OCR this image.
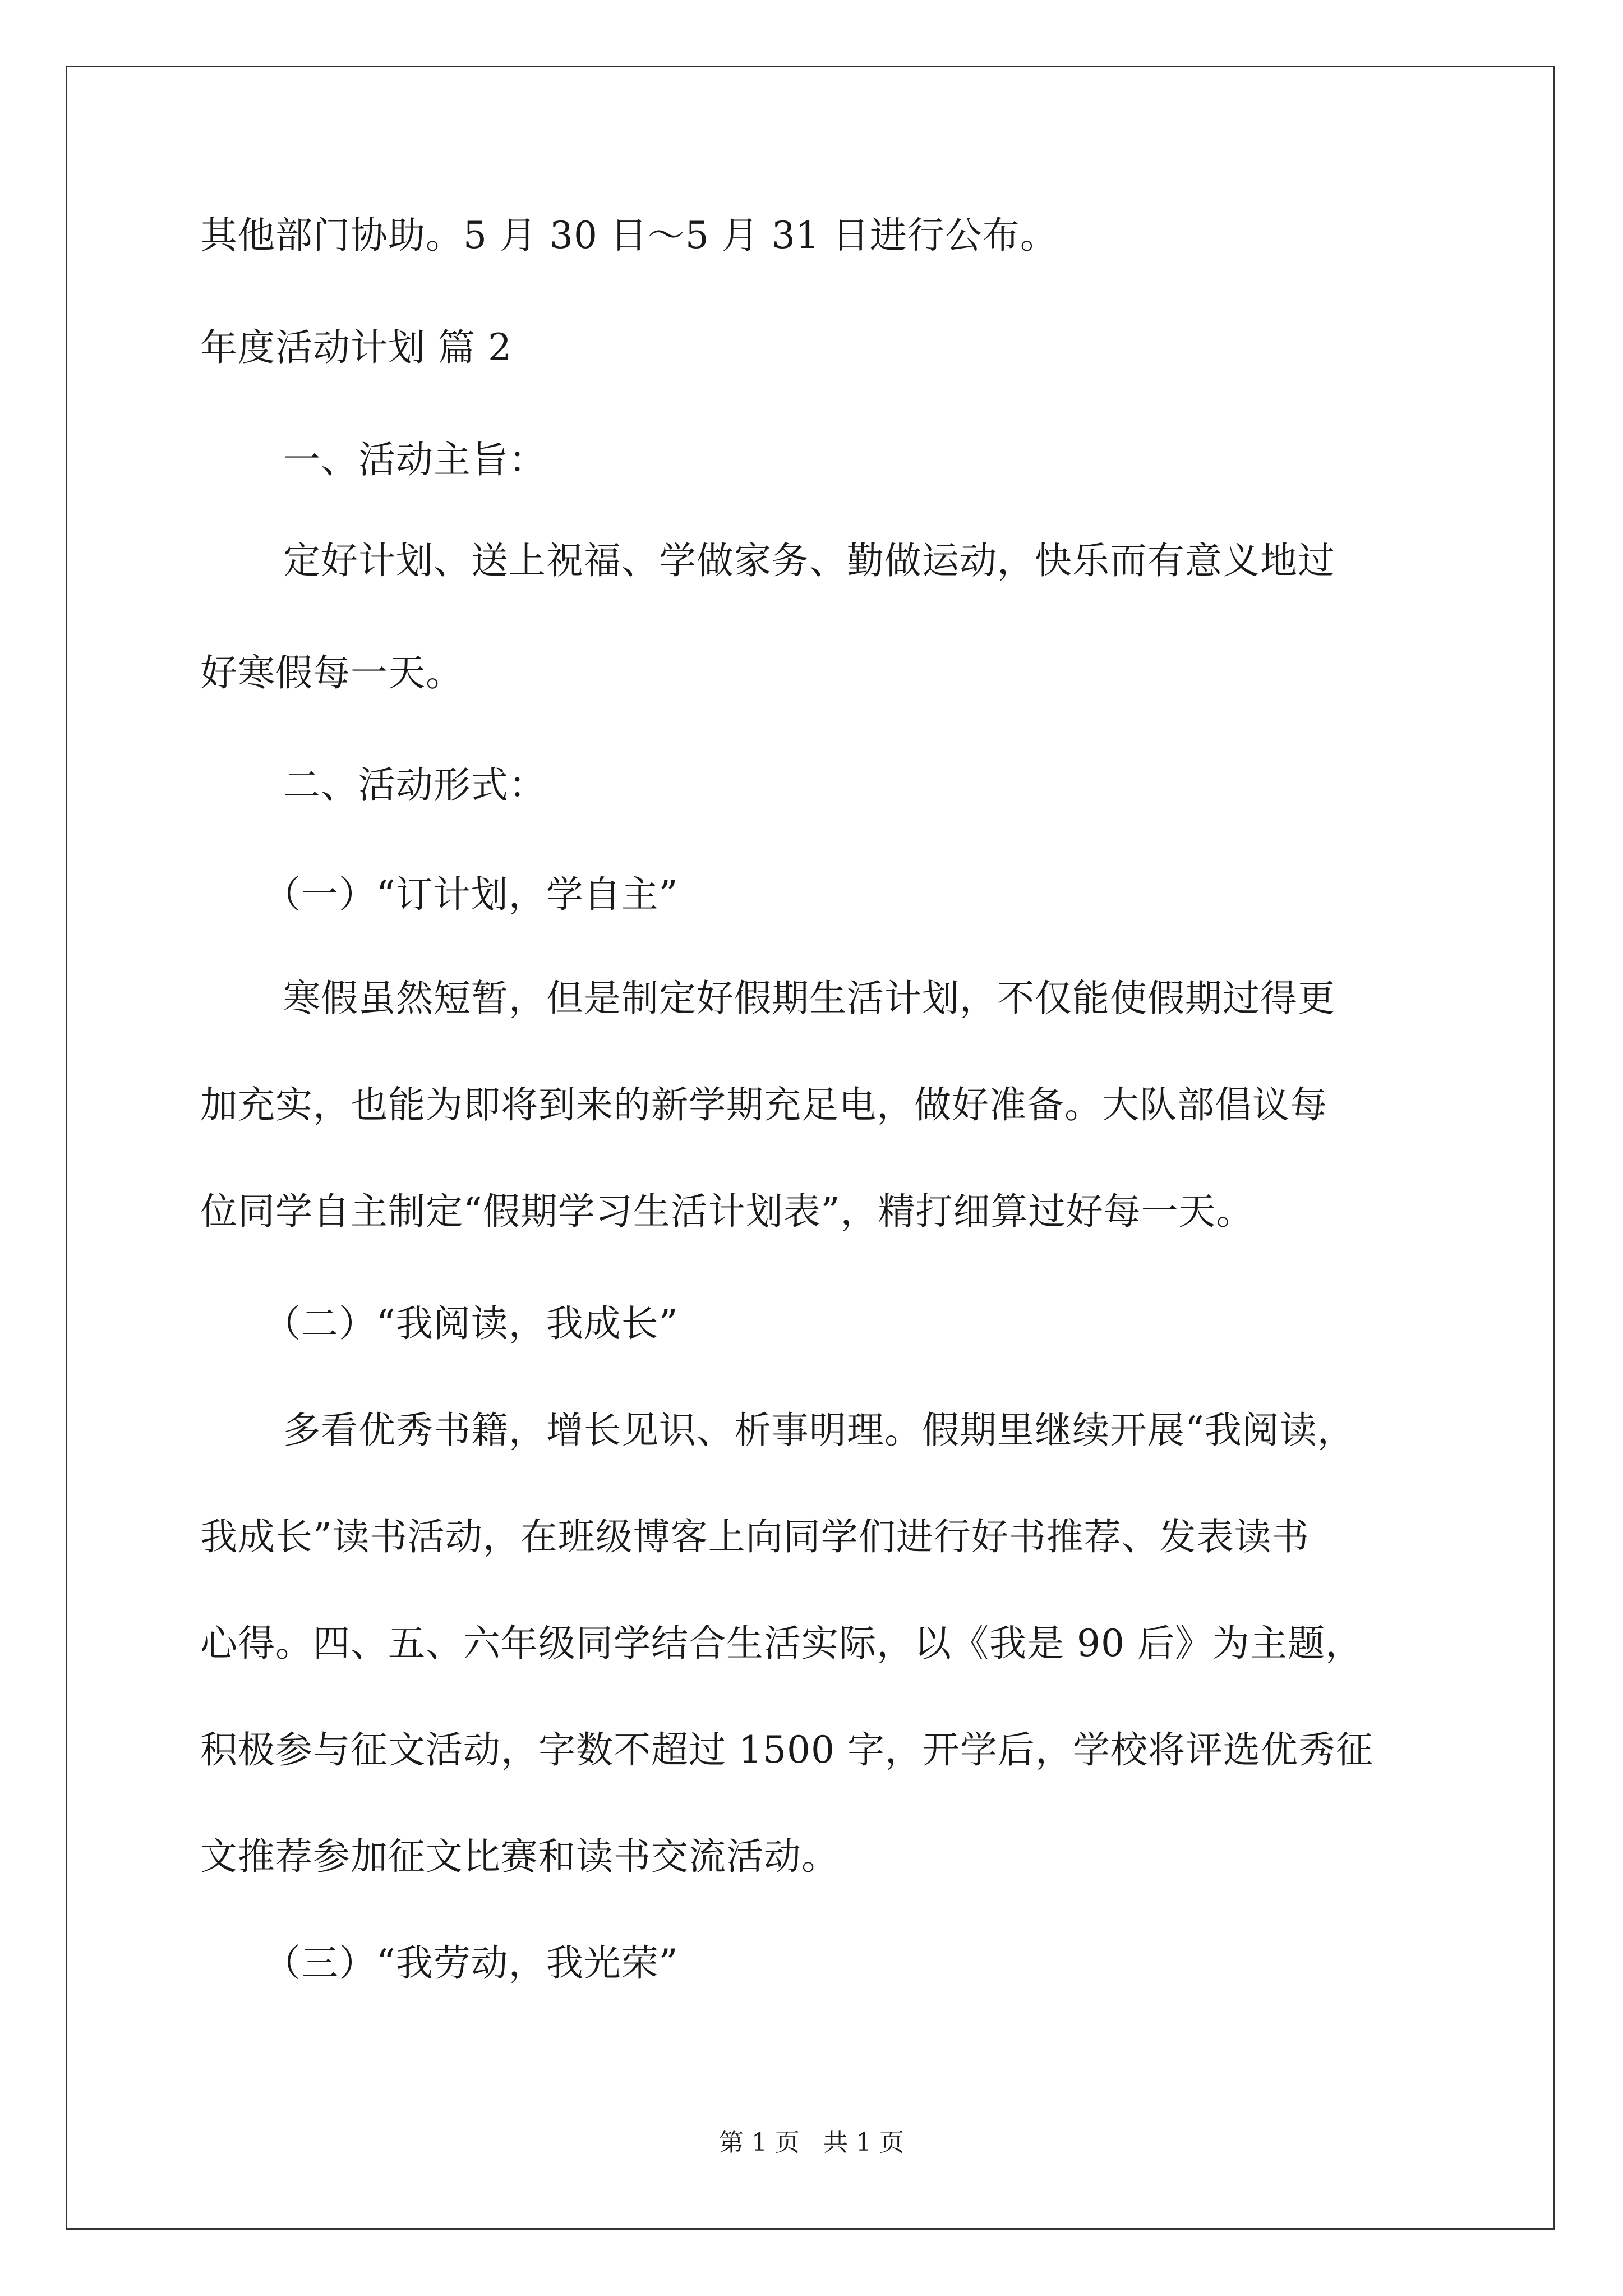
其他部门协助。5 月 30 日～5 月 31 日进行公布。
年度活动计划 篇 2
一、活动主旨：
定好计划、送上祝福、学做家务、勤做运动，快乐而有意义地过
好寒假每一天。
二、活动形式：
（一）“订计划，学自主”
寒假虽然短暂，但是制定好假期生活计划，不仅能使假期过得更
加充实，也能为即将到来的新学期充足电，做好准备。大队部倡议每
位同学自主制定“假期学习生活计划表”，精打细算过好每一天。
（二）“我阅读，我成长”
多看优秀书籍，增长见识、析事明理。假期里继续开展“我阅读，
我成长”读书活动，在班级博客上向同学们进行好书推荐、发表读书
心得。四、五、六年级同学结合生活实际，以《我是 90 后》为主题，
积极参与征文活动，字数不超过 1500 字，开学后，学校将评选优秀征
文推荐参加征文比赛和读书交流活动。
（三）“我劳动，我光荣”
第 1 页   共 1 页
